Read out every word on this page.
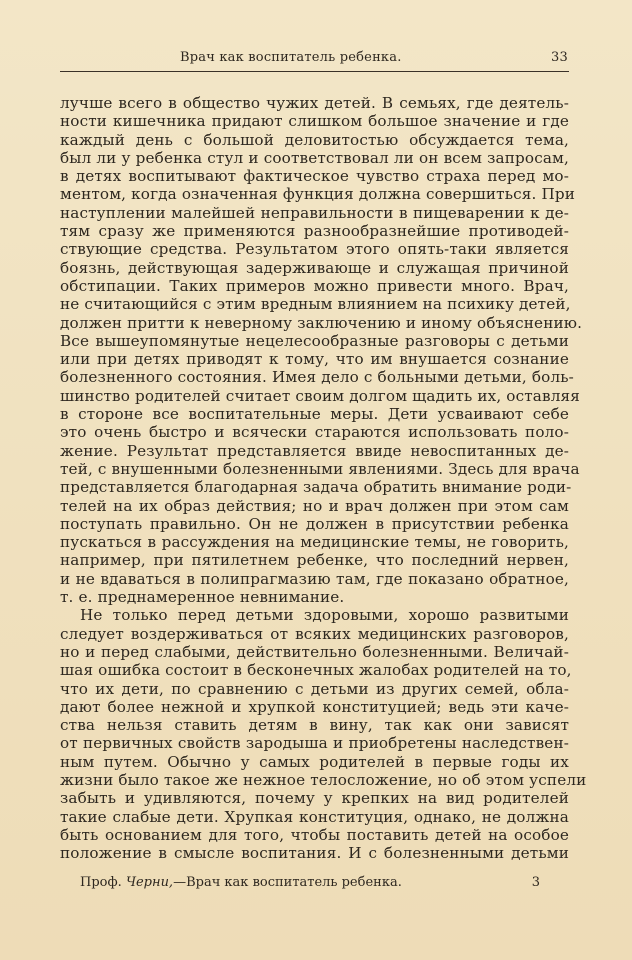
Врач как воспитатель ребенка.	33
лучше всего в общество чужих детей. В семьях, где деятель-
ности кишечника придают слишком большое значение и где
каждый день с большой деловитостью обсуждается тема,
был ли у ребенка стул и соответствовал ли он всем запросам,
в детях воспитывают фактическое чувство страха перед мо-
ментом, когда означенная функция должна совершиться. При
наступлении малейшей неправильности в пищеварении к де-
тям сразу же применяются разнообразнейшие противодей-
ствующие средства. Результатом этого опять-таки является
боязнь, действующая задерживающе и служащая причиной
обстипации. Таких примеров можно привести много. Врач,
не считающийся с этим вредным влиянием на психику детей,
должен притти к неверному заключению и иному объяснению.
Все вышеупомянутые нецелесообразные разговоры с детьми
или при детях приводят к тому, что им внушается сознание
болезненного состояния. Имея дело с больными детьми, боль-
шинство родителей считает своим долгом щадить их, оставляя
в стороне все воспитательные меры. Дети усваивают себе
это очень быстро и всячески стараются использовать поло-
жение. Результат представляется ввиде невоспитанных де-
тей, с внушенными болезненными явлениями. Здесь для врача
представляется благодарная задача обратить внимание роди-
телей на их образ действия; но и врач должен при этом сам
поступать правильно. Он не должен в присутствии ребенка
пускаться в рассуждения на медицинские темы, не говорить,
например, при пятилетнем ребенке, что последний нервен,
и не вдаваться в полипрагмазию там, где показано обратное,
т. е. преднамеренное невнимание.
Не только перед детьми здоровыми, хорошо развитыми
следует воздерживаться от всяких медицинских разговоров,
но и перед слабыми, действительно болезненными. Величай-
шая ошибка состоит в бесконечных жалобах родителей на то,
что их дети, по сравнению с детьми из других семей, обла-
дают более нежной и хрупкой конституцией; ведь эти каче-
ства нельзя ставить детям в вину, так как они зависят
от первичных свойств зародыша и приобретены наследствен-
ным путем. Обычно у самых родителей в первые годы их
жизни было такое же нежное телосложение, но об этом успели
забыть и удивляются, почему у крепких на вид родителей
такие слабые дети. Хрупкая конституция, однако, не должна
быть основанием для того, чтобы поставить детей на особое
положение в смысле воспитания. И с болезненными детьми
Проф. Черни,—Врач как воспитатель ребенка.	3
